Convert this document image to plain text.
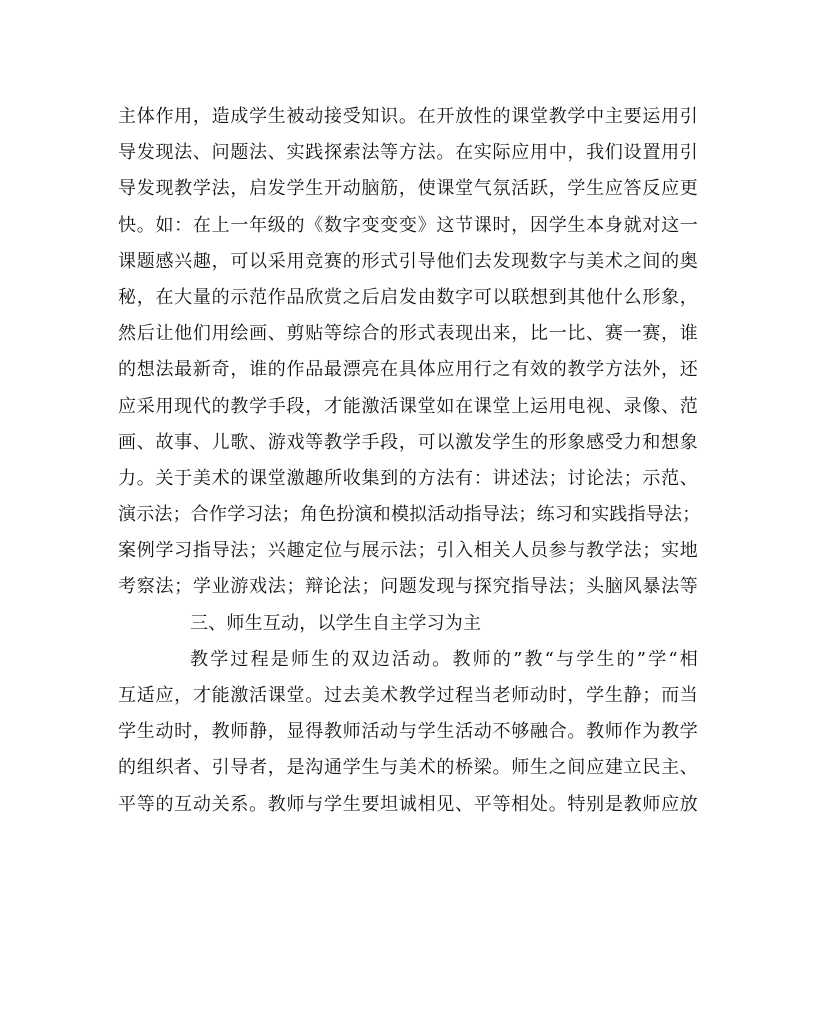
主体作用，造成学生被动接受知识。在开放性的课堂教学中主要运用引
导发现法、问题法、实践探索法等方法。在实际应用中，我们设置用引
导发现教学法，启发学生开动脑筋，使课堂气氛活跃，学生应答反应更
快。如：在上一年级的《数字变变变》这节课时，因学生本身就对这一
课题感兴趣，可以采用竞赛的形式引导他们去发现数字与美术之间的奥
秘，在大量的示范作品欣赏之后启发由数字可以联想到其他什么形象，
然后让他们用绘画、剪贴等综合的形式表现出来，比一比、赛一赛，谁
的想法最新奇，谁的作品最漂亮在具体应用行之有效的教学方法外，还
应采用现代的教学手段，才能激活课堂如在课堂上运用电视、录像、范
画、故事、儿歌、游戏等教学手段，可以激发学生的形象感受力和想象
力。关于美术的课堂激趣所收集到的方法有：讲述法；讨论法；示范、
演示法；合作学习法；角色扮演和模拟活动指导法；练习和实践指导法；
案例学习指导法；兴趣定位与展示法；引入相关人员参与教学法；实地
考察法；学业游戏法；辩论法；问题发现与探究指导法；头脑风暴法等
三、师生互动，以学生自主学习为主
教学过程是师生的双边活动。教师的”教“与学生的”学“相
互适应，才能激活课堂。过去美术教学过程当老师动时，学生静；而当
学生动时，教师静，显得教师活动与学生活动不够融合。教师作为教学
的组织者、引导者，是沟通学生与美术的桥梁。师生之间应建立民主、
平等的互动关系。教师与学生要坦诚相见、平等相处。特别是教师应放
